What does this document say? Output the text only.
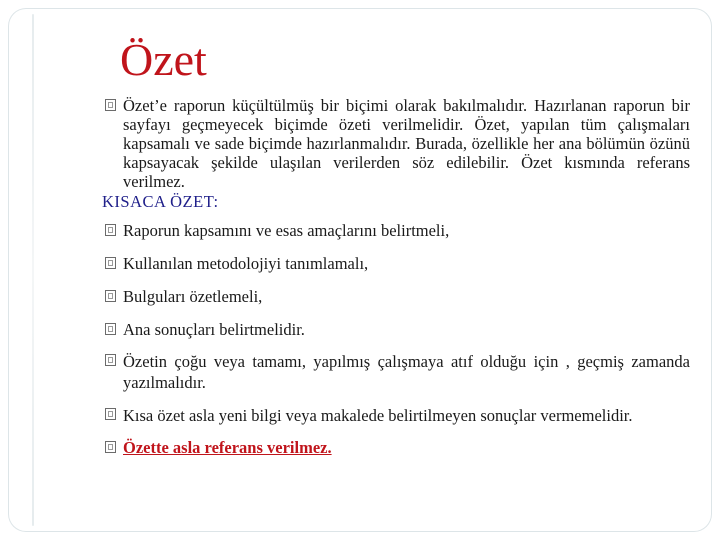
Özet
Özet’e raporun küçültülmüş bir biçimi olarak bakılmalıdır. Hazırlanan raporun bir sayfayı geçmeyecek biçimde özeti verilmelidir. Özet, yapılan tüm çalışmaları kapsamalı ve sade biçimde hazırlanmalıdır. Burada, özellikle her ana bölümün özünü kapsayacak şekilde ulaşılan verilerden söz edilebilir. Özet kısmında referans verilmez.
KISACA ÖZET:
Raporun kapsamını ve esas amaçlarını belirtmeli,
Kullanılan metodolojiyi tanımlamalı,
Bulguları özetlemeli,
Ana sonuçları belirtmelidir.
Özetin çoğu veya tamamı, yapılmış çalışmaya atıf olduğu için , geçmiş zamanda yazılmalıdır.
Kısa özet asla yeni bilgi veya makalede belirtilmeyen sonuçlar vermemelidir.
Özette asla referans verilmez.
